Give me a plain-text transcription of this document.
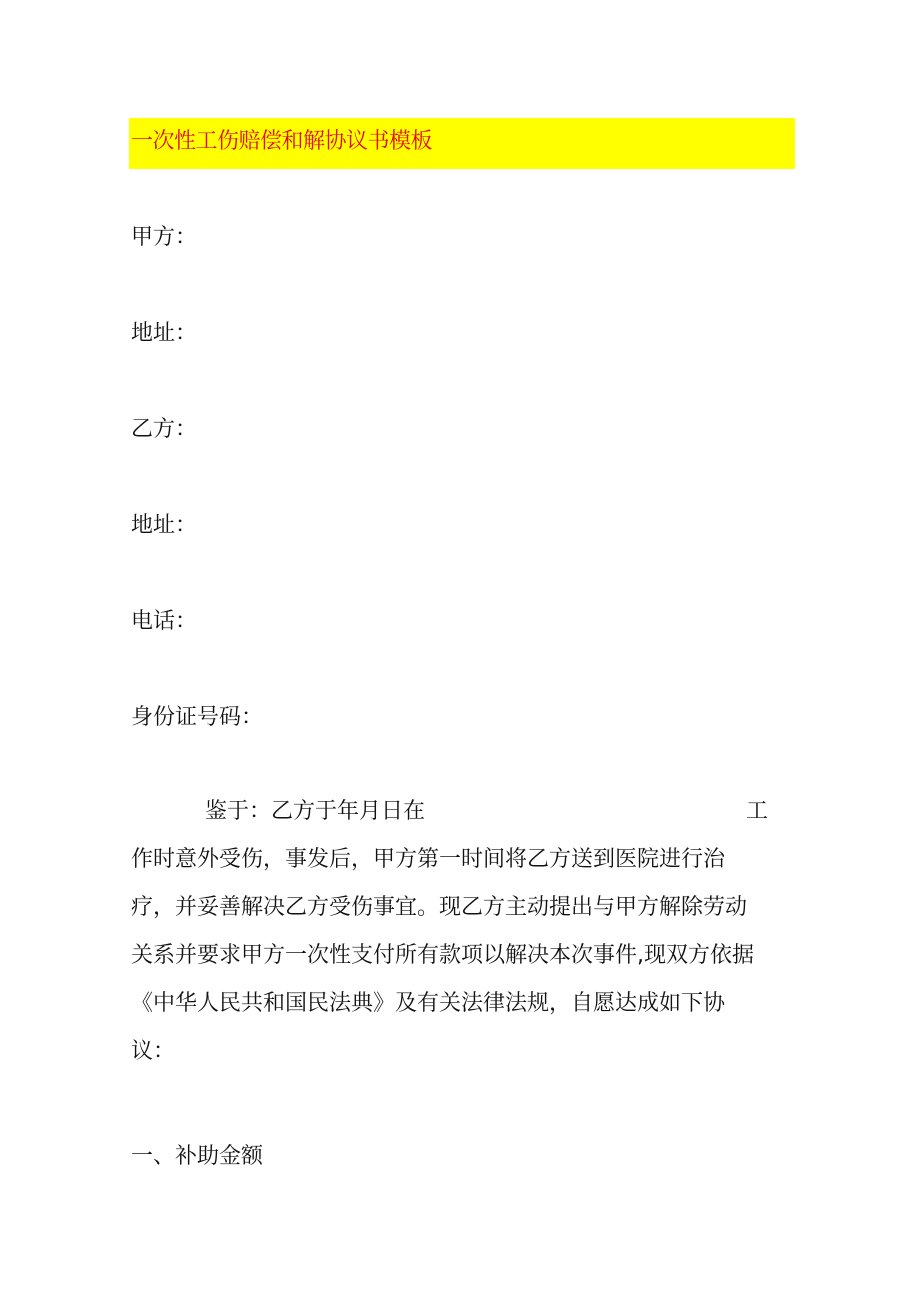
一次性工伤赔偿和解协议书模板
甲方：
地址：
乙方：
地址：
电话：
身份证号码：
鉴于：乙方于年月日在	工
作时意外受伤，事发后，甲方第一时间将乙方送到医院进行治
疗，并妥善解决乙方受伤事宜。现乙方主动提出与甲方解除劳动
关系并要求甲方一次性支付所有款项以解决本次事件,现双方依据
《中华人民共和国民法典》及有关法律法规，自愿达成如下协
议：
一、补助金额
